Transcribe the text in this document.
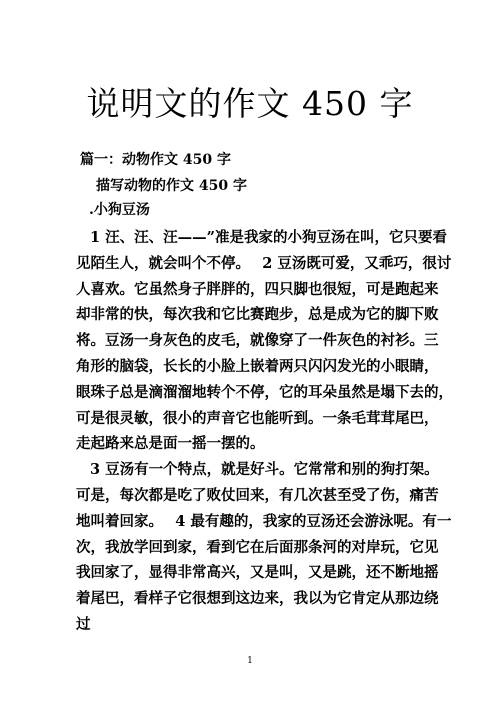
说明文的作文 450 字

篇一：动物作文 450 字

描写动物的作文 450 字

.小狗豆汤

1 汪、汪、汪——”准是我家的小狗豆汤在叫，它只要看
见陌生人，就会叫个不停。　 2 豆汤既可爱，又乖巧，很讨
人喜欢。它虽然身子胖胖的，四只脚也很短，可是跑起来
却非常的快，每次我和它比赛跑步，总是成为它的脚下败
将。豆汤一身灰色的皮毛，就像穿了一件灰色的衬衫。三
角形的脑袋，长长的小脸上嵌着两只闪闪发光的小眼睛，
眼珠子总是滴溜溜地转个不停，它的耳朵虽然是塌下去的，
可是很灵敏，很小的声音它也能听到。一条毛茸茸尾巴，
走起路来总是面一摇一摆的。
3 豆汤有一个特点，就是好斗。它常常和别的狗打架。
可是，每次都是吃了败仗回来，有几次甚至受了伤，痛苦
地叫着回家。　 4 最有趣的，我家的豆汤还会游泳呢。有一
次，我放学回到家，看到它在后面那条河的对岸玩，它见
我回家了，显得非常高兴，又是叫，又是跳，还不断地摇
着尾巴，看样子它很想到这边来，我以为它肯定从那边绕
过
1
